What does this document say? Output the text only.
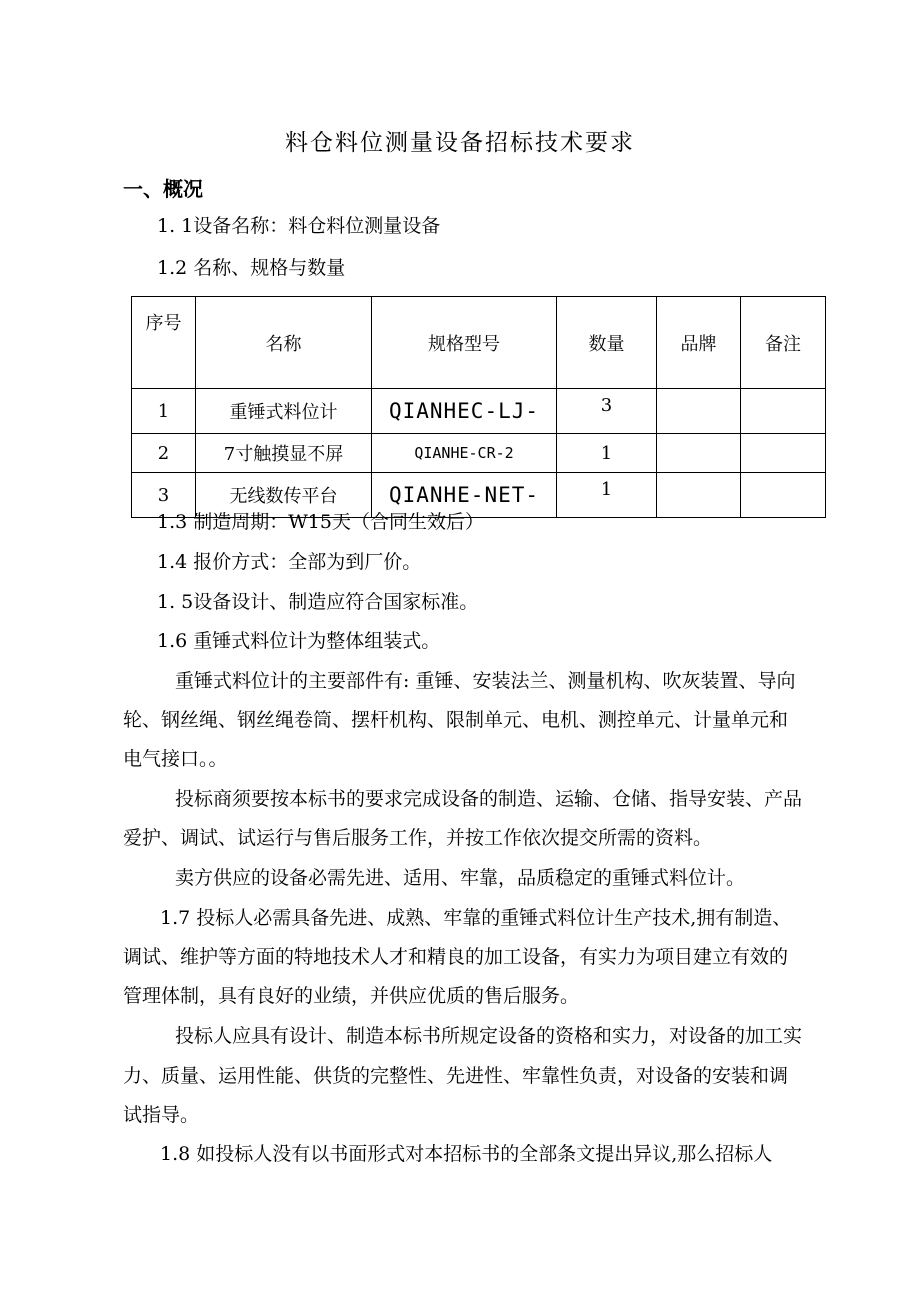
料仓料位测量设备招标技术要求
一、概况
1. 1设备名称：料仓料位测量设备
1.2 名称、规格与数量
序号	名称	规格型号	数量	品牌	备注
1	重锤式料位计	QIANHEC-LJ-	3		
2	7寸触摸显不屏	QIANHE-CR-2	1		
3	无线数传平台	QIANHE-NET-	1		
1.3 制造周期：W15天（合同生效后）
1.4 报价方式：全部为到厂价。
1. 5设备设计、制造应符合国家标准。
1.6 重锤式料位计为整体组装式。
重锤式料位计的主要部件有: 重锤、安装法兰、测量机构、吹灰装置、导向
轮、钢丝绳、钢丝绳卷筒、摆杆机构、限制单元、电机、测控单元、计量单元和
电气接口。。
投标商须要按本标书的要求完成设备的制造、运输、仓储、指导安装、产品
爱护、调试、试运行与售后服务工作，并按工作依次提交所需的资料。
卖方供应的设备必需先进、适用、牢靠，品质稳定的重锤式料位计。
1.7 投标人必需具备先进、成熟、牢靠的重锤式料位计生产技术,拥有制造、
调试、维护等方面的特地技术人才和精良的加工设备，有实力为项目建立有效的
管理体制，具有良好的业绩，并供应优质的售后服务。
投标人应具有设计、制造本标书所规定设备的资格和实力，对设备的加工实
力、质量、运用性能、供货的完整性、先进性、牢靠性负责，对设备的安装和调
试指导。
1.8 如投标人没有以书面形式对本招标书的全部条文提出异议,那么招标人
